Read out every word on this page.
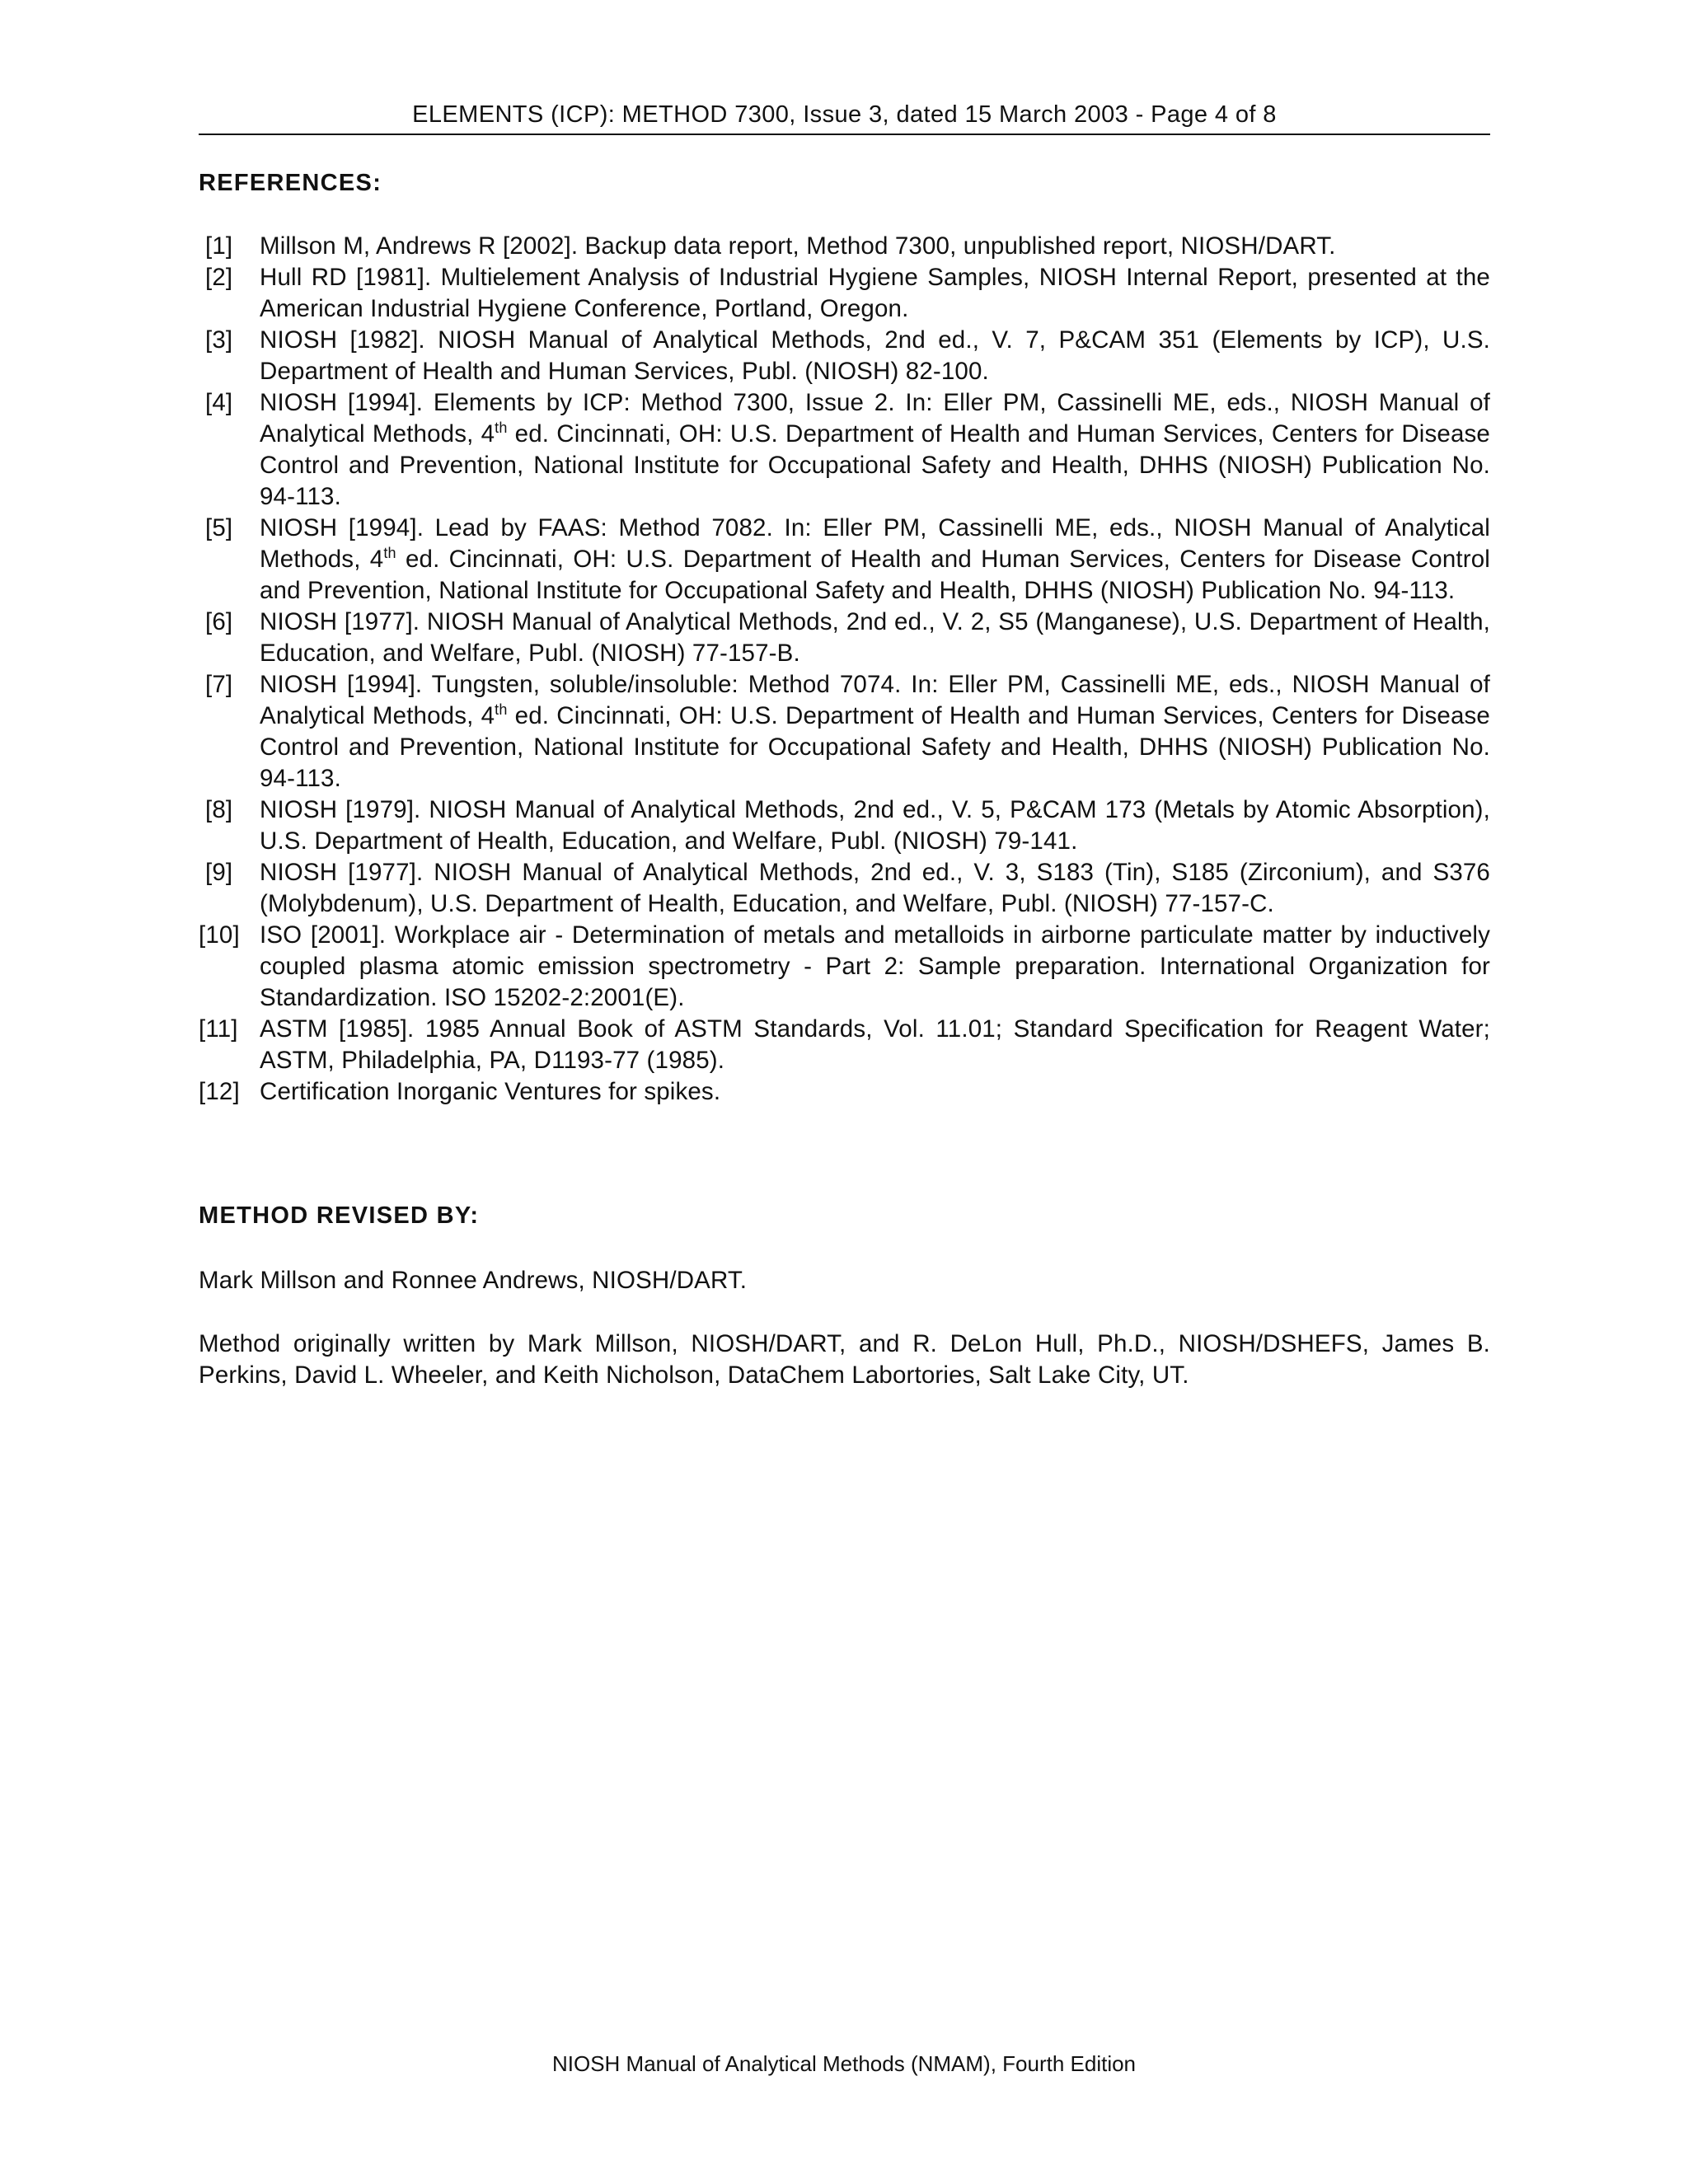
ELEMENTS (ICP): METHOD 7300, Issue 3, dated 15 March 2003 - Page 4 of 8
REFERENCES:
[1] Millson M, Andrews R [2002]. Backup data report, Method 7300, unpublished report, NIOSH/DART.
[2] Hull RD [1981]. Multielement Analysis of Industrial Hygiene Samples, NIOSH Internal Report, presented at the American Industrial Hygiene Conference, Portland, Oregon.
[3] NIOSH [1982]. NIOSH Manual of Analytical Methods, 2nd ed., V. 7, P&CAM 351 (Elements by ICP), U.S. Department of Health and Human Services, Publ. (NIOSH) 82-100.
[4] NIOSH [1994]. Elements by ICP: Method 7300, Issue 2. In: Eller PM, Cassinelli ME, eds., NIOSH Manual of Analytical Methods, 4th ed. Cincinnati, OH: U.S. Department of Health and Human Services, Centers for Disease Control and Prevention, National Institute for Occupational Safety and Health, DHHS (NIOSH) Publication No. 94-113.
[5] NIOSH [1994]. Lead by FAAS: Method 7082. In: Eller PM, Cassinelli ME, eds., NIOSH Manual of Analytical Methods, 4th ed. Cincinnati, OH: U.S. Department of Health and Human Services, Centers for Disease Control and Prevention, National Institute for Occupational Safety and Health, DHHS (NIOSH) Publication No. 94-113.
[6] NIOSH [1977]. NIOSH Manual of Analytical Methods, 2nd ed., V. 2, S5 (Manganese), U.S. Department of Health, Education, and Welfare, Publ. (NIOSH) 77-157-B.
[7] NIOSH [1994]. Tungsten, soluble/insoluble: Method 7074. In: Eller PM, Cassinelli ME, eds., NIOSH Manual of Analytical Methods, 4th ed. Cincinnati, OH: U.S. Department of Health and Human Services, Centers for Disease Control and Prevention, National Institute for Occupational Safety and Health, DHHS (NIOSH) Publication No. 94-113.
[8] NIOSH [1979]. NIOSH Manual of Analytical Methods, 2nd ed., V. 5, P&CAM 173 (Metals by Atomic Absorption), U.S. Department of Health, Education, and Welfare, Publ. (NIOSH) 79-141.
[9] NIOSH [1977]. NIOSH Manual of Analytical Methods, 2nd ed., V. 3, S183 (Tin), S185 (Zirconium), and S376 (Molybdenum), U.S. Department of Health, Education, and Welfare, Publ. (NIOSH) 77-157-C.
[10] ISO [2001]. Workplace air - Determination of metals and metalloids in airborne particulate matter by inductively coupled plasma atomic emission spectrometry - Part 2: Sample preparation. International Organization for Standardization. ISO 15202-2:2001(E).
[11] ASTM [1985]. 1985 Annual Book of ASTM Standards, Vol. 11.01; Standard Specification for Reagent Water; ASTM, Philadelphia, PA, D1193-77 (1985).
[12] Certification Inorganic Ventures for spikes.
METHOD REVISED BY:
Mark Millson and Ronnee Andrews, NIOSH/DART.
Method originally written by Mark Millson, NIOSH/DART, and R. DeLon Hull, Ph.D., NIOSH/DSHEFS, James B. Perkins, David L. Wheeler, and Keith Nicholson, DataChem Labortories, Salt Lake City, UT.
NIOSH Manual of Analytical Methods (NMAM), Fourth Edition
